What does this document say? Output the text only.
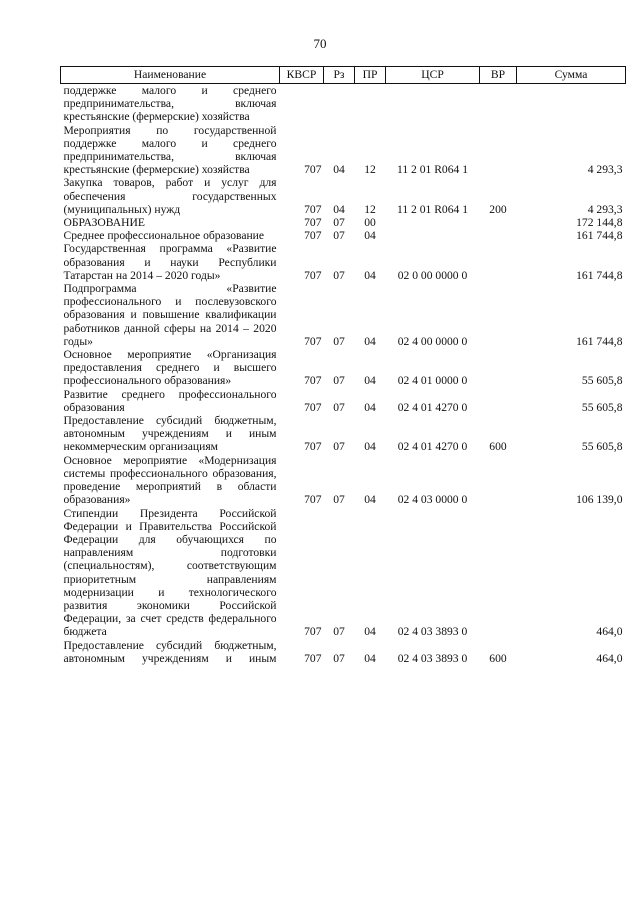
70
Наименование	КВСР	Рз	ПР	ЦСР	ВР	Сумма
поддержке малого и среднего предпринимательства, включая крестьянские (фермерские) хозяйства						
Мероприятия по государственной поддержке малого и среднего предпринимательства, включая крестьянские (фермерские) хозяйства	707	04	12	11 2 01 R064 1		4 293,3
Закупка товаров, работ и услуг для обеспечения государственных (муниципальных) нужд	707	04	12	11 2 01 R064 1	200	4 293,3
ОБРАЗОВАНИЕ	707	07	00			172 144,8
Среднее профессиональное образование	707	07	04			161 744,8
Государственная программа «Развитие образования и науки Республики Татарстан на 2014 – 2020 годы»	707	07	04	02 0 00 0000 0		161 744,8
Подпрограмма «Развитие профессионального и послевузовского образования и повышение квалификации работников данной сферы на 2014 – 2020 годы»	707	07	04	02 4 00 0000 0		161 744,8
Основное мероприятие «Организация предоставления среднего и высшего профессионального образования»	707	07	04	02 4 01 0000 0		55 605,8
Развитие среднего профессионального образования	707	07	04	02 4 01 4270 0		55 605,8
Предоставление субсидий бюджетным, автономным учреждениям и иным некоммерческим организациям	707	07	04	02 4 01 4270 0	600	55 605,8
Основное мероприятие «Модернизация системы профессионального образования, проведение мероприятий в области образования»	707	07	04	02 4 03 0000 0		106 139,0
Стипендии Президента Российской Федерации и Правительства Российской Федерации для обучающихся по направлениям подготовки (специальностям), соответствующим приоритетным направлениям модернизации и технологического развития экономики Российской Федерации, за счет средств федерального бюджета	707	07	04	02 4 03 3893 0		464,0
Предоставление субсидий бюджетным, автономным учреждениям и иным	707	07	04	02 4 03 3893 0	600	464,0
